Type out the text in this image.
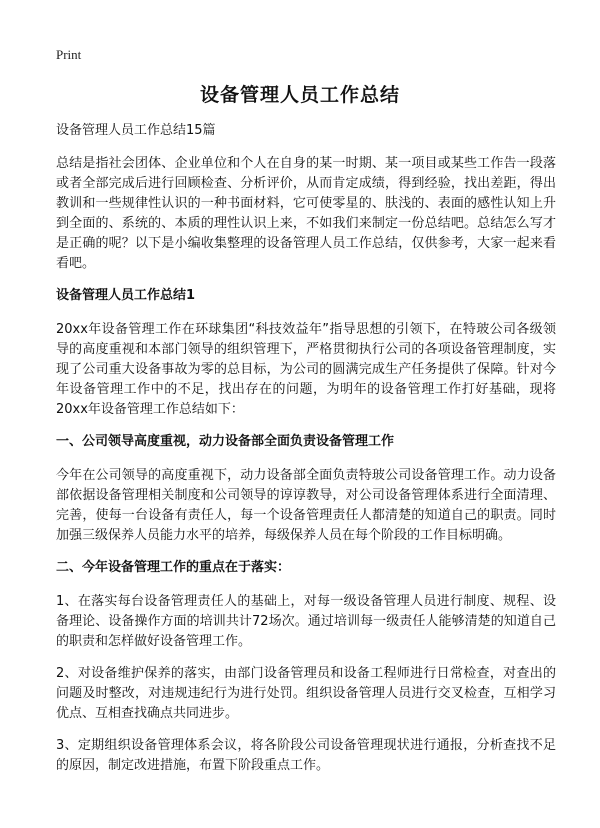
Print
设备管理人员工作总结

设备管理人员工作总结15篇

总结是指社会团体、企业单位和个人在自身的某一时期、某一项目或某些工作告一段落或者全部完成后进行回顾检查、分析评价，从而肯定成绩，得到经验，找出差距，得出教训和一些规律性认识的一种书面材料，它可使零星的、肤浅的、表面的感性认知上升到全面的、系统的、本质的理性认识上来，不如我们来制定一份总结吧。总结怎么写才是正确的呢？以下是小编收集整理的设备管理人员工作总结，仅供参考，大家一起来看看吧。

设备管理人员工作总结1

20xx年设备管理工作在环球集团“科技效益年”指导思想的引领下，在特玻公司各级领导的高度重视和本部门领导的组织管理下，严格贯彻执行公司的各项设备管理制度，实现了公司重大设备事故为零的总目标，为公司的圆满完成生产任务提供了保障。针对今年设备管理工作中的不足，找出存在的问题，为明年的设备管理工作打好基础，现将20xx年设备管理工作总结如下：

一、公司领导高度重视，动力设备部全面负责设备管理工作

今年在公司领导的高度重视下，动力设备部全面负责特玻公司设备管理工作。动力设备部依据设备管理相关制度和公司领导的谆谆教导，对公司设备管理体系进行全面清理、完善，使每一台设备有责任人，每一个设备管理责任人都清楚的知道自己的职责。同时加强三级保养人员能力水平的培养，每级保养人员在每个阶段的工作目标明确。

二、今年设备管理工作的重点在于落实：

1、在落实每台设备管理责任人的基础上，对每一级设备管理人员进行制度、规程、设备理论、设备操作方面的培训共计72场次。通过培训每一级责任人能够清楚的知道自己的职责和怎样做好设备管理工作。

2、对设备维护保养的落实，由部门设备管理员和设备工程师进行日常检查，对查出的问题及时整改，对违规违纪行为进行处罚。组织设备管理人员进行交叉检查，互相学习优点、互相查找确点共同进步。

3、定期组织设备管理体系会议，将各阶段公司设备管理现状进行通报，分析查找不足的原因，制定改进措施，布置下阶段重点工作。
